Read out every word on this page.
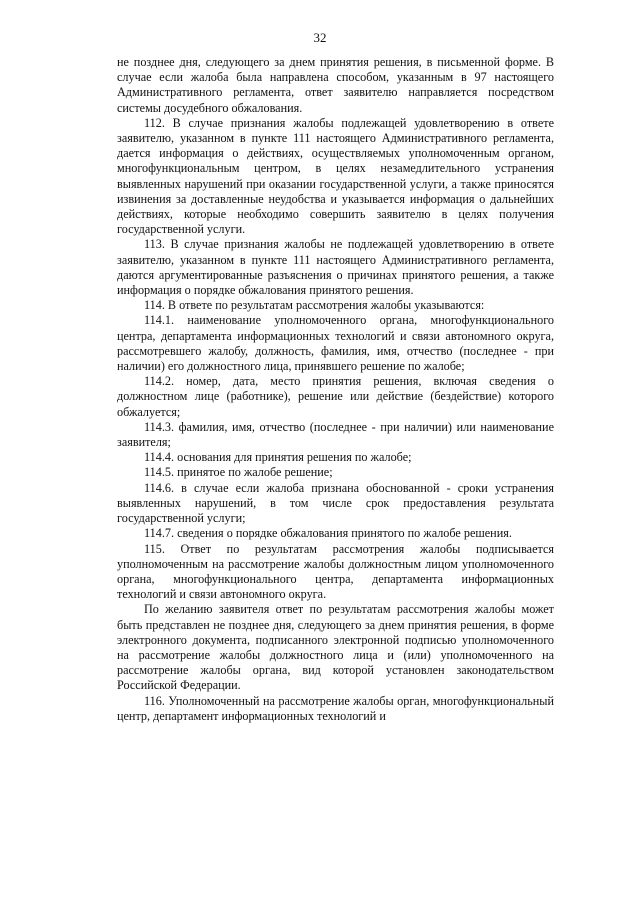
32

не позднее дня, следующего за днем принятия решения, в письменной форме. В случае если жалоба была направлена способом, указанным в 97 настоящего Административного регламента, ответ заявителю направляется посредством системы досудебного обжалования.

112. В случае признания жалобы подлежащей удовлетворению в ответе заявителю, указанном в пункте 111 настоящего Административного регламента, дается информация о действиях, осуществляемых уполномоченным органом, многофункциональным центром, в целях незамедлительного устранения выявленных нарушений при оказании государственной услуги, а также приносятся извинения за доставленные неудобства и указывается информация о дальнейших действиях, которые необходимо совершить заявителю в целях получения государственной услуги.

113. В случае признания жалобы не подлежащей удовлетворению в ответе заявителю, указанном в пункте 111 настоящего Административного регламента, даются аргументированные разъяснения о причинах принятого решения, а также информация о порядке обжалования принятого решения.

114. В ответе по результатам рассмотрения жалобы указываются:

114.1. наименование уполномоченного органа, многофункционального центра, департамента информационных технологий и связи автономного округа, рассмотревшего жалобу, должность, фамилия, имя, отчество (последнее - при наличии) его должностного лица, принявшего решение по жалобе;

114.2. номер, дата, место принятия решения, включая сведения о должностном лице (работнике), решение или действие (бездействие) которого обжалуется;

114.3. фамилия, имя, отчество (последнее - при наличии) или наименование заявителя;

114.4. основания для принятия решения по жалобе;

114.5. принятое по жалобе решение;

114.6. в случае если жалоба признана обоснованной - сроки устранения выявленных нарушений, в том числе срок предоставления результата государственной услуги;

114.7. сведения о порядке обжалования принятого по жалобе решения.

115. Ответ по результатам рассмотрения жалобы подписывается уполномоченным на рассмотрение жалобы должностным лицом уполномоченного органа, многофункционального центра, департамента информационных технологий и связи автономного округа.

По желанию заявителя ответ по результатам рассмотрения жалобы может быть представлен не позднее дня, следующего за днем принятия решения, в форме электронного документа, подписанного электронной подписью уполномоченного на рассмотрение жалобы должностного лица и (или) уполномоченного на рассмотрение жалобы органа, вид которой установлен законодательством Российской Федерации.

116. Уполномоченный на рассмотрение жалобы орган, многофункциональный центр, департамент информационных технологий и
